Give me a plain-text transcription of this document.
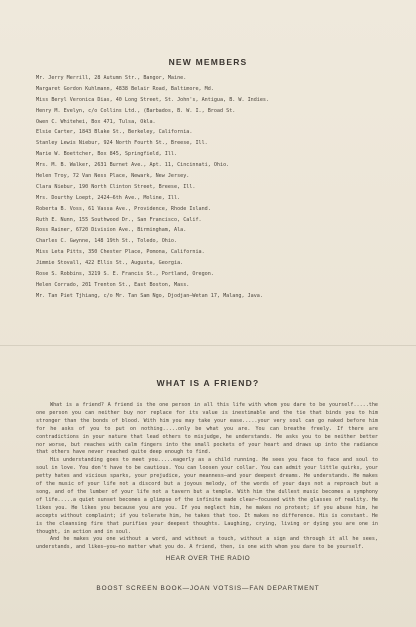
NEW MEMBERS
Mr. Jerry Merrill, 28 Autumn Str., Bangor, Maine.
Margaret Gordon Kuhlmann, 4838 Belair Road, Baltimore, Md.
Miss Beryl Veronica Dias, 40 Long Street, St. John's, Antigua, B. W. Indies.
Henry M. Evelyn, c/o Collins Ltd., (Barbados, B. W. I., Broad St.
Owen C. Whitehei, Box 471, Tulsa, Okla.
Elsie Carter, 1843 Blake St., Berkeley, California.
Stanley Lewis Niebur, 924 North Fourth St., Breese, Ill.
Marie W. Boettcher, Box 845, Springfield, Ill.
Mrs. M. B. Walker, 2631 Burnet Ave., Apt. 11, Cincinnati, Ohio.
Helen Troy, 72 Van Ness Place, Newark, New Jersey.
Clara Niebur, 190 North Clinton Street, Breese, Ill.
Mrs. Dourthy Loept, 2424—6th Ave., Moline, Ill.
Roberta B. Voss, 61 Vassa Ave., Providence, Rhode Island.
Ruth E. Nunn, 155 Southwood Dr., San Francisco, Calif.
Ross Rainer, 6720 Division Ave., Birmingham, Ala.
Charles C. Gwynne, 148 19th St., Toledo, Ohio.
Miss Leta Pitts, 350 Chester Place, Pomona, California.
Jimmie Stovall, 422 Ellis St., Augusta, Georgia.
Rose S. Robbins, 3219 S. E. Francis St., Portland, Oregon.
Helen Corrado, 201 Trenton St., East Boston, Mass.
Mr. Tan Piet Tjhiang, c/o Mr. Tan Sam Ngo, Djodjan—Wetan 17, Malang, Java.
WHAT IS A FRIEND?

What is a friend? A friend is the one person in all this life with whom you dare to be yourself.....the one person you can neither buy nor replace for its value is inestimable and the tie that binds you to him stronger than the bonds of blood. With him you may take your ease.....your very soul can go naked before him for he asks of you to put on nothing.....only be what you are. You can breathe freely. If there are contradictions in your nature that lead others to misjudge, he understands. He asks you to be neither better nor worse, but reaches with calm fingers into the small pockets of your heart and draws up into the radiance that others have never reached quite deep enough to find.

His understanding goes to meet you.....eagerly as a child running. He sees you face to face and soul to soul in love. You don't have to be cautious. You can loosen your collar. You can admit your little quirks, your petty hates and vicious sparks, your prejudice, your meanness—and your deepest dreams. He understands. He makes of the music of your life not a discord but a joyous melody, of the words of your days not a reproach but a song, and of the lumber of your life not a tavern but a temple. With him the dullest music becomes a symphony of life.....a quiet sunset becomes a glimpse of the infinite made clear—focused with the glasses of reality. He likes you. He likes you because you are you. If you neglect him, he makes no protest; if you abuse him, he accepts without complaint; if you tolerate him, he takes that too. It makes no difference. His is constant. He is the cleansing fire that purifies your deepest thoughts. Laughing, crying, living or dying you are one in thought, in action and in soul.

And he makes you one without a word, and without a touch, without a sign and through it all he sees, understands, and likes—you—no matter what you do. A friend, then, is one with whom you dare to be yourself.

HEAR OVER THE RADIO
BOOST SCREEN BOOK—JOAN VOTSIS—FAN DEPARTMENT
